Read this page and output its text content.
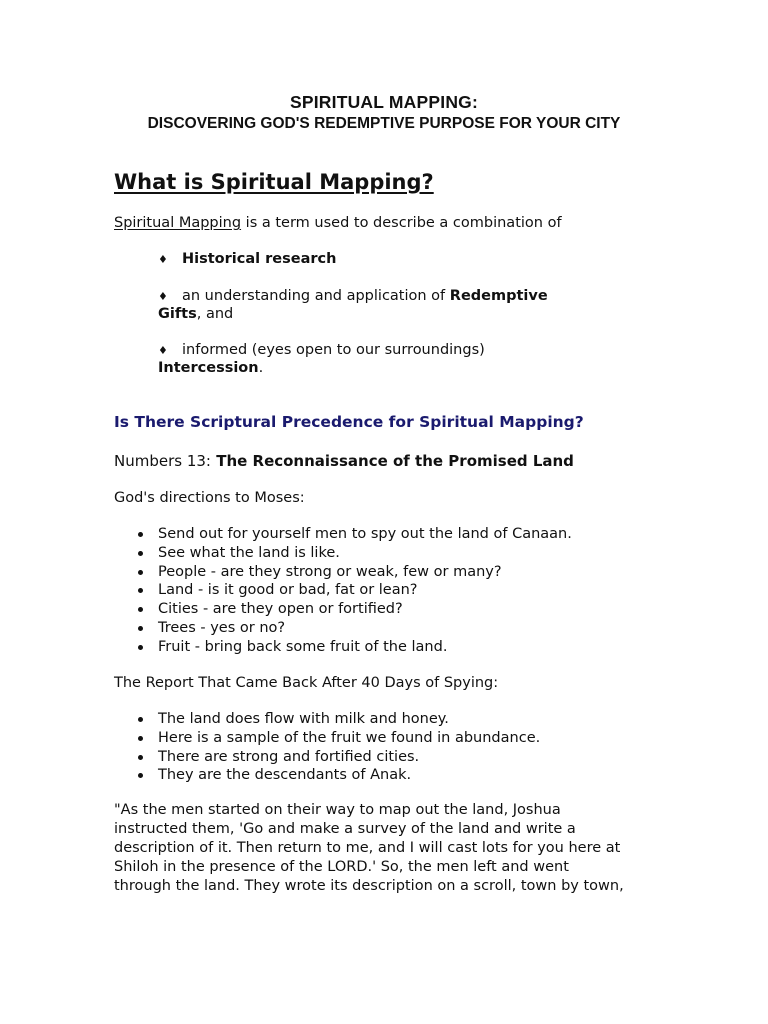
SPIRITUAL MAPPING:
DISCOVERING GOD'S REDEMPTIVE PURPOSE FOR YOUR CITY
What is Spiritual Mapping?
Spiritual Mapping is a term used to describe a combination of
♦ Historical research
♦ an understanding and application of Redemptive
Gifts, and
♦ informed (eyes open to our surroundings)
Intercession.
Is There Scriptural Precedence for Spiritual Mapping?
Numbers 13: The Reconnaissance of the Promised Land
God's directions to Moses:
Send out for yourself men to spy out the land of Canaan.
See what the land is like.
People - are they strong or weak, few or many?
Land - is it good or bad, fat or lean?
Cities - are they open or fortified?
Trees - yes or no?
Fruit - bring back some fruit of the land.
The Report That Came Back After 40 Days of Spying:
The land does flow with milk and honey.
Here is a sample of the fruit we found in abundance.
There are strong and fortified cities.
They are the descendants of Anak.
"As the men started on their way to map out the land, Joshua
instructed them, 'Go and make a survey of the land and write a
description of it. Then return to me, and I will cast lots for you here at
Shiloh in the presence of the LORD.' So, the men left and went
through the land. They wrote its description on a scroll, town by town,
